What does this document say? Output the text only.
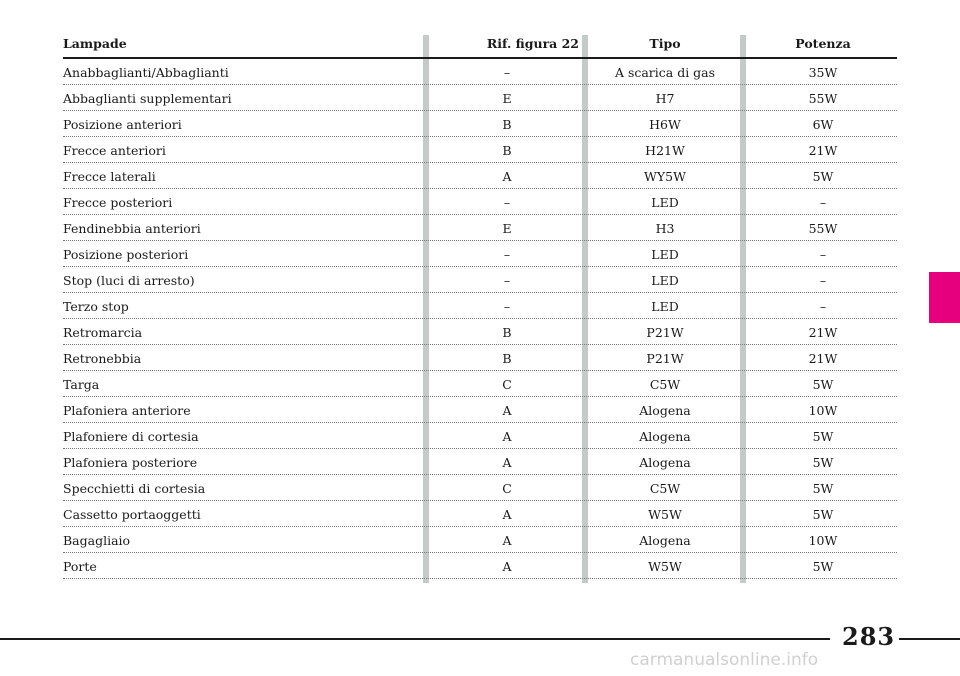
Lampade	Rif. figura 22	Tipo	Potenza
Anabbaglianti/Abbaglianti	–	A scarica di gas	35W
Abbaglianti supplementari	E	H7	55W
Posizione anteriori	B	H6W	6W
Frecce anteriori	B	H21W	21W
Frecce laterali	A	WY5W	5W
Frecce posteriori	–	LED	–
Fendinebbia anteriori	E	H3	55W
Posizione posteriori	–	LED	–
Stop (luci di arresto)	–	LED	–
Terzo stop	–	LED	–
Retromarcia	B	P21W	21W
Retronebbia	B	P21W	21W
Targa	C	C5W	5W
Plafoniera anteriore	A	Alogena	10W
Plafoniere di cortesia	A	Alogena	5W
Plafoniera posteriore	A	Alogena	5W
Specchietti di cortesia	C	C5W	5W
Cassetto portaoggetti	A	W5W	5W
Bagagliaio	A	Alogena	10W
Porte	A	W5W	5W
283
carmanualsonline.info
